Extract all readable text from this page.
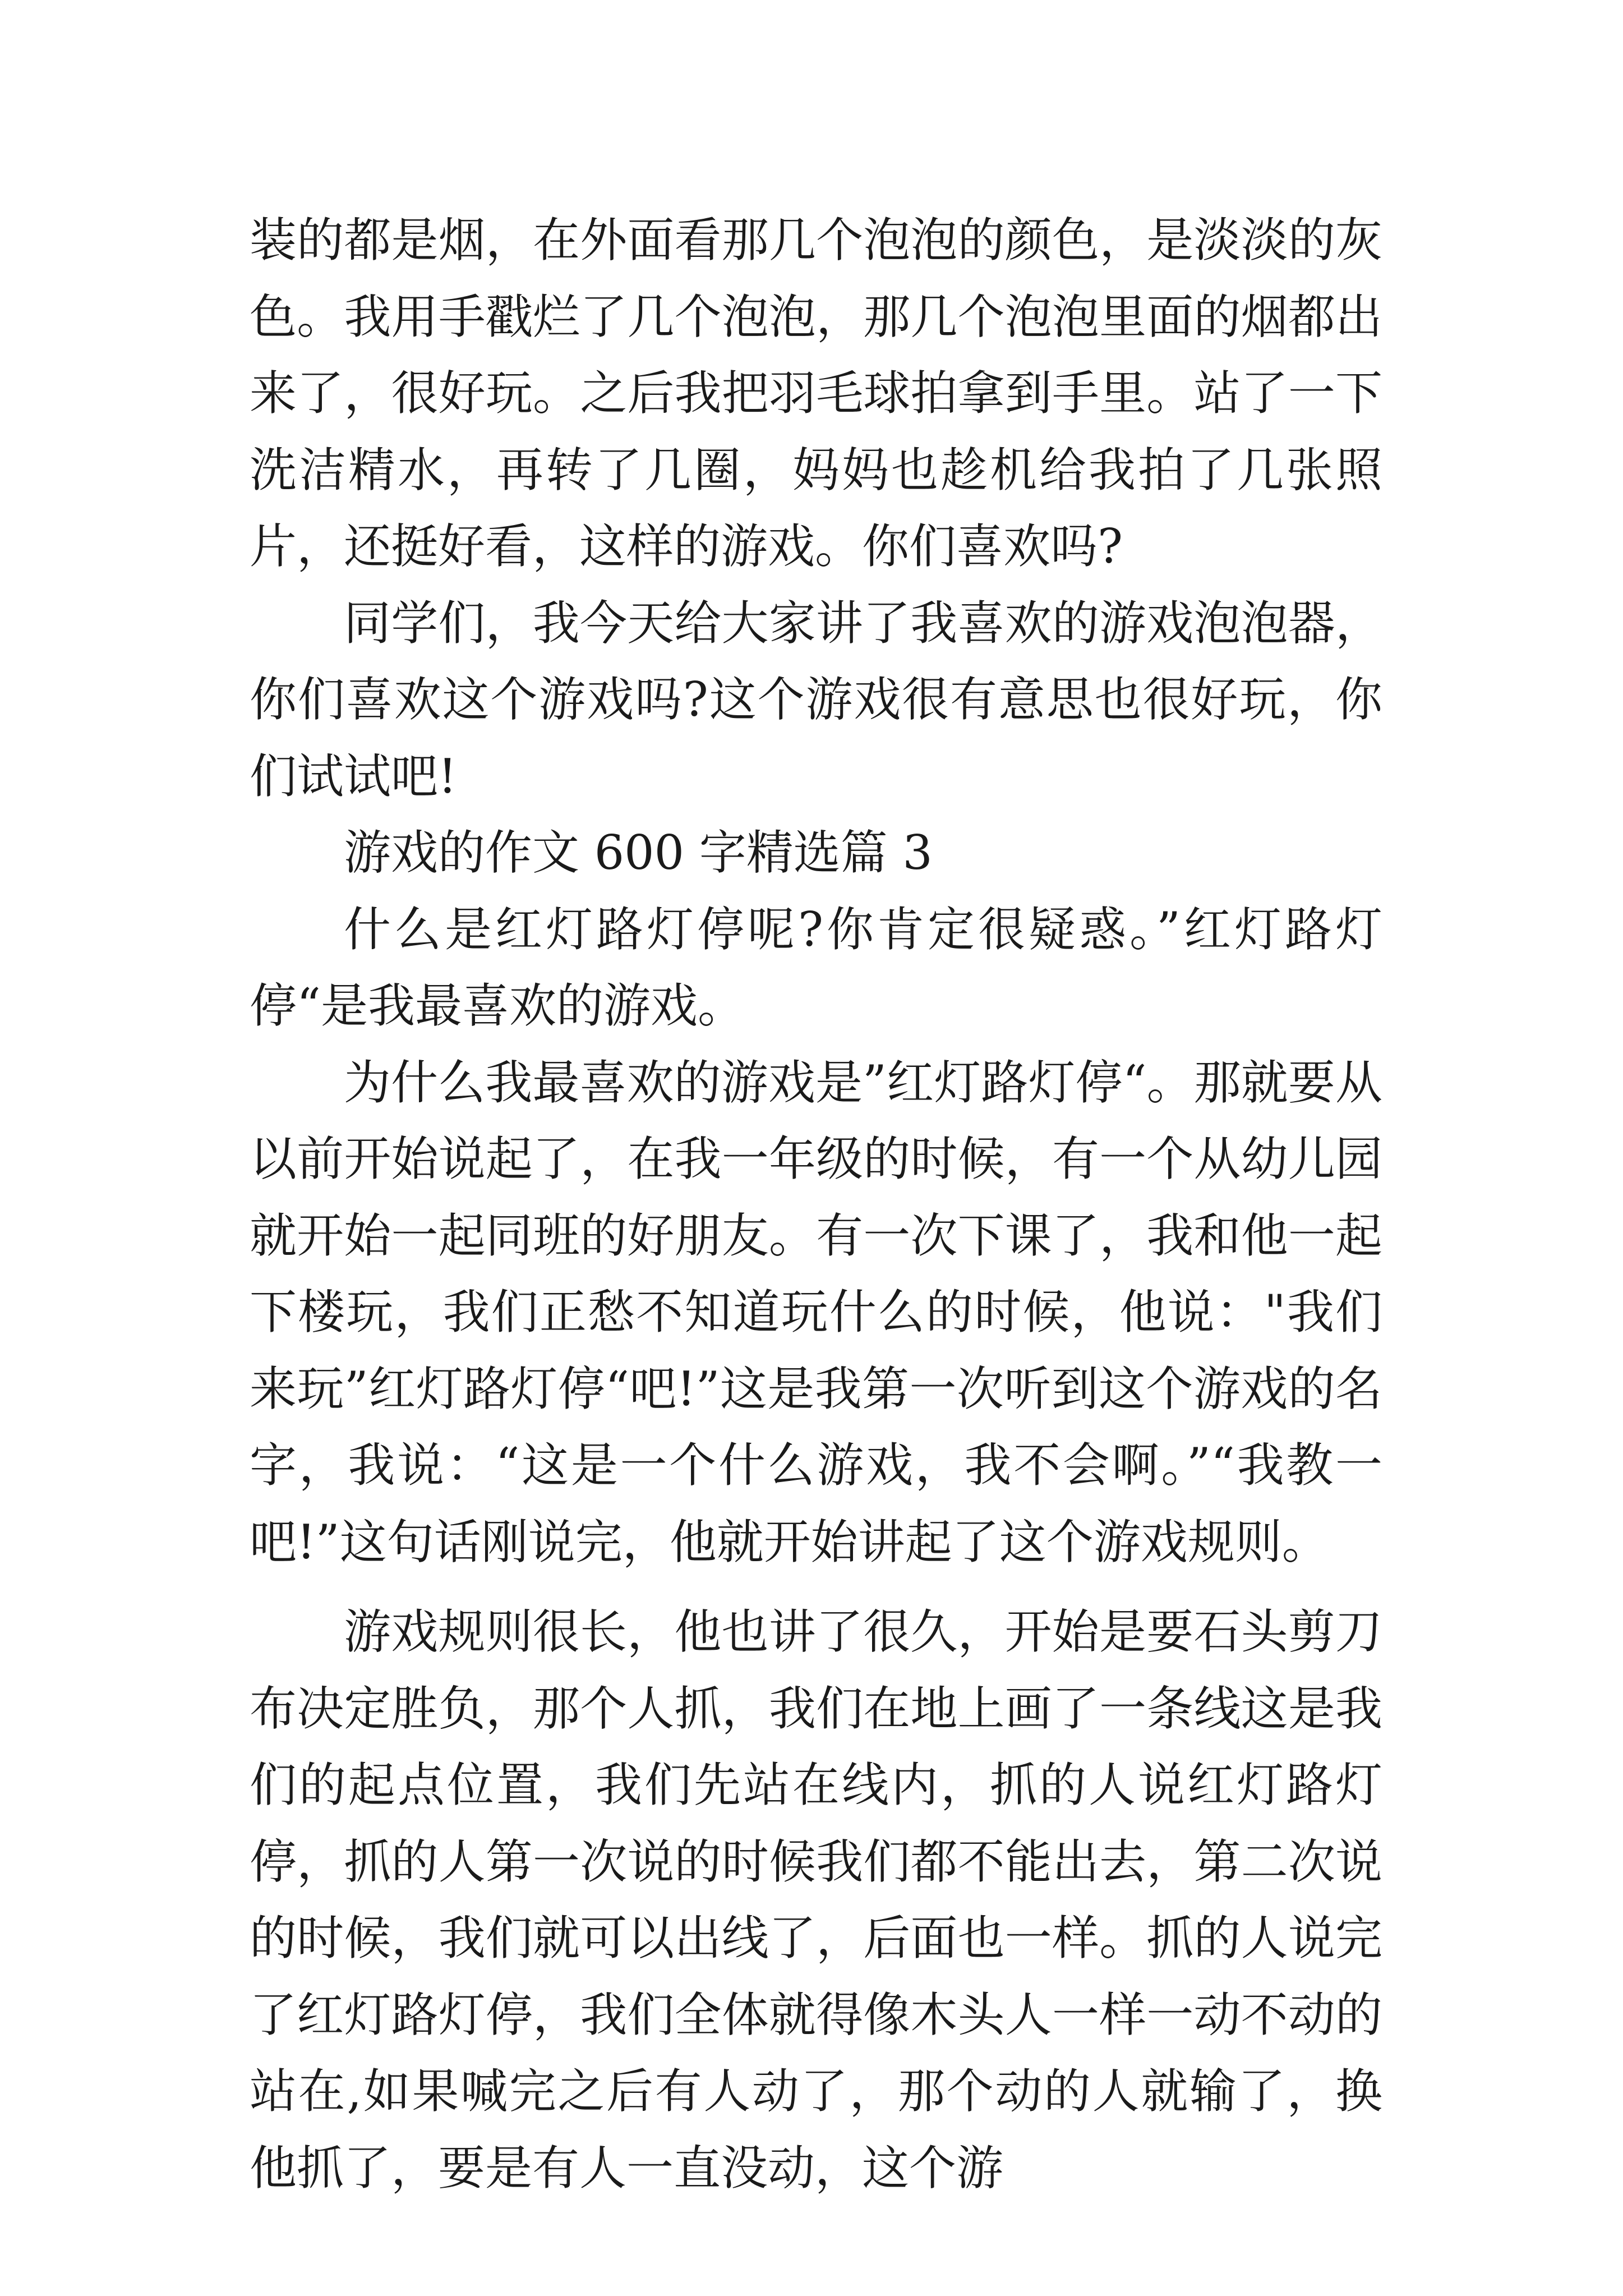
装的都是烟，在外面看那几个泡泡的颜色，是淡淡的灰色。我用手戳烂了几个泡泡，那几个泡泡里面的烟都出来了，很好玩。之后我把羽毛球拍拿到手里。站了一下洗洁精水，再转了几圈，妈妈也趁机给我拍了几张照片，还挺好看，这样的游戏。你们喜欢吗?

同学们，我今天给大家讲了我喜欢的游戏泡泡器，你们喜欢这个游戏吗?这个游戏很有意思也很好玩，你们试试吧!

游戏的作文 600 字精选篇 3

什么是红灯路灯停呢?你肯定很疑惑。”红灯路灯停“是我最喜欢的游戏。

为什么我最喜欢的游戏是”红灯路灯停“。那就要从以前开始说起了，在我一年级的时候，有一个从幼儿园就开始一起同班的好朋友。有一次下课了，我和他一起下楼玩，我们正愁不知道玩什么的时候，他说："我们来玩”红灯路灯停“吧!”这是我第一次听到这个游戏的名字，我说：“这是一个什么游戏，我不会啊。”“我教一吧!”这句话刚说完，他就开始讲起了这个游戏规则。

游戏规则很长，他也讲了很久，开始是要石头剪刀布决定胜负，那个人抓，我们在地上画了一条线这是我们的起点位置，我们先站在线内，抓的人说红灯路灯停，抓的人第一次说的时候我们都不能出去，第二次说的时候，我们就可以出线了，后面也一样。抓的人说完了红灯路灯停，我们全体就得像木头人一样一动不动的站在,如果喊完之后有人动了，那个动的人就输了，换他抓了，要是有人一直没动，这个游
